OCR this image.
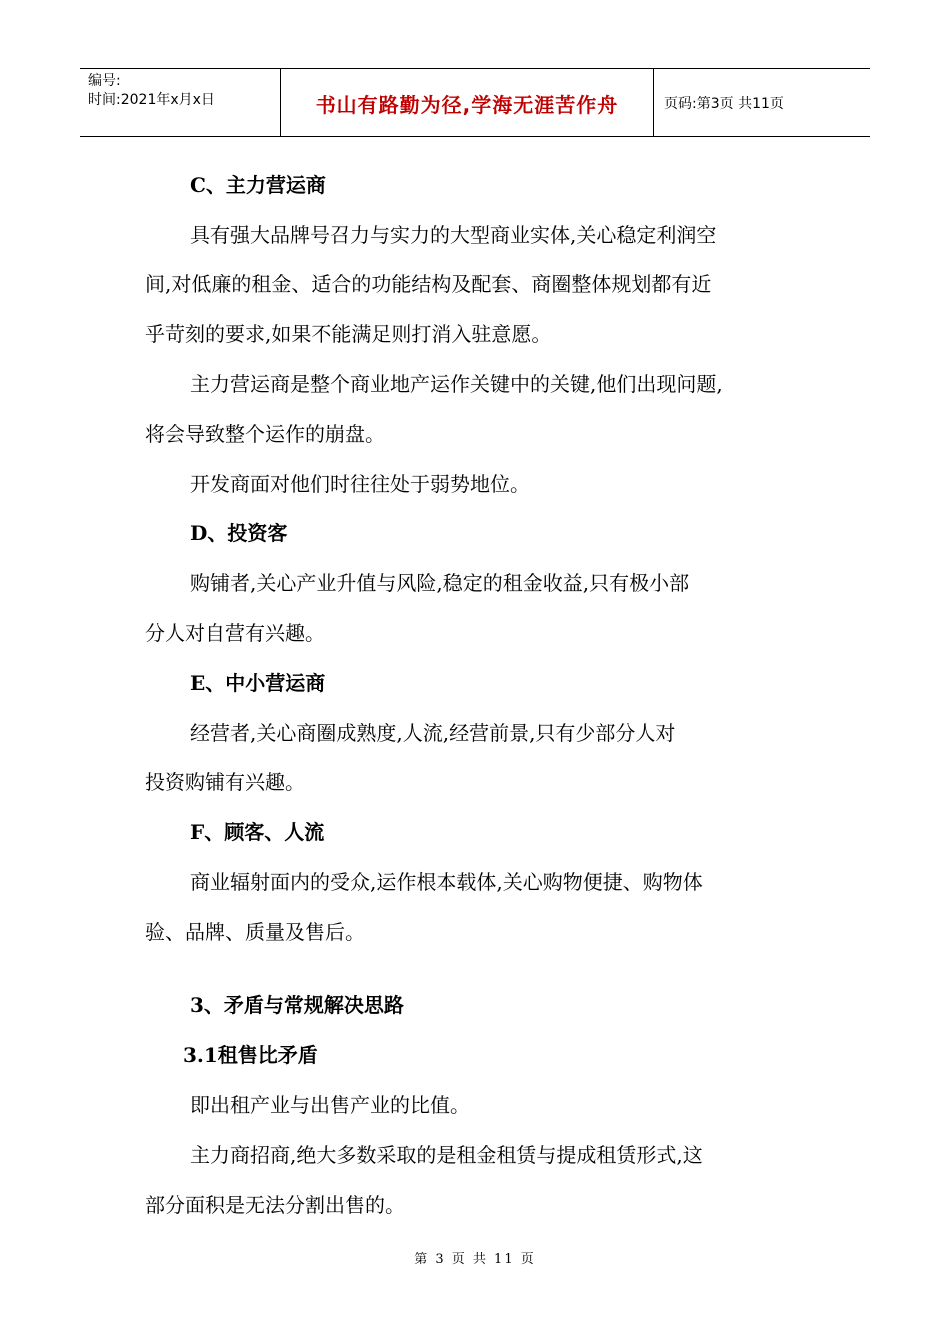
编号:
时间:2021年x月x日	书山有路勤为径,学海无涯苦作舟	页码:第3页 共11页
C、主力营运商
具有强大品牌号召力与实力的大型商业实体,关心稳定利润空
间,对低廉的租金、适合的功能结构及配套、商圈整体规划都有近
乎苛刻的要求,如果不能满足则打消入驻意愿。
主力营运商是整个商业地产运作关键中的关键,他们出现问题,
将会导致整个运作的崩盘。
开发商面对他们时往往处于弱势地位。
D、投资客
购铺者,关心产业升值与风险,稳定的租金收益,只有极小部
分人对自营有兴趣。
E、中小营运商
经营者,关心商圈成熟度,人流,经营前景,只有少部分人对
投资购铺有兴趣。
F、顾客、人流
商业辐射面内的受众,运作根本载体,关心购物便捷、购物体
验、品牌、质量及售后。
3、矛盾与常规解决思路
3.1租售比矛盾
即出租产业与出售产业的比值。
主力商招商,绝大多数采取的是租金租赁与提成租赁形式,这
部分面积是无法分割出售的。
第 3 页 共 11 页
